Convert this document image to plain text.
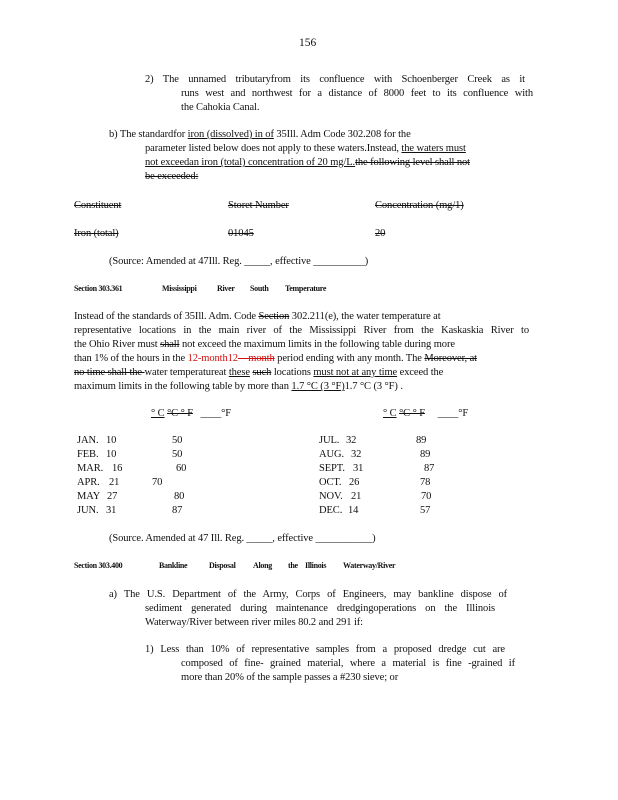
156
2) The unnamed tributaryfrom its confluence with Schoenberger Creek as it
runs west and northwest for a distance of 8000 feet to its confluence with
the Cahokia Canal.
b) The standardfor iron (dissolved) in of 35Ill. Adm Code 302.208 for the
parameter listed below does not apply to these waters.Instead, the waters must
not exceedan iron (total) concentration of 20 mg/L.the following level shall not
be exceeded:
Constituent	Storet Number	Concentration (mg/1)
Iron (total)	01045	20
(Source: Amended at 47Ill. Reg. _____, effective __________)
Section 303.361	Mississippi	River South Temperature
Instead of the standards of 35Ill. Adm. Code Section 302.211(e), the water temperature at
representative locations in the main river of the Mississippi River from the Kaskaskia River to
the Ohio River must shall not exceed the maximum limits in the following table during more
than 1% of the hours in the 12-month12—month period ending with any month. The Moreover, at
no time shall the water temperatureat these such locations must not at any time exceed the
maximum limits in the following table by more than 1.7 °C (3 °F)1.7 °C (3 °F) .
° C °C ° F ____°F	° C °C ° F ____°F
JAN. 10	50
FEB. 10	50
MAR. 16	60
APR. 21	70
MAY 27	80
JUN. 31	87
JUL. 32	89
AUG. 32	89
SEPT. 31	87
OCT. 26	78
NOV. 21	70
DEC. 14	57
(Source. Amended at 47 Ill. Reg. _____, effective ___________)
Section 303.400	Bankline	Disposal Along the Illinois Waterway/River
a) The U.S. Department of the Army, Corps of Engineers, may bankline dispose of
sediment generated during maintenance dredgingoperations on the Illinois
Waterway/River between river miles 80.2 and 291 if:
1) Less than 10% of representative samples from a proposed dredge cut are
composed of fine- grained material, where a material is fine -grained if
more than 20% of the sample passes a #230 sieve; or
